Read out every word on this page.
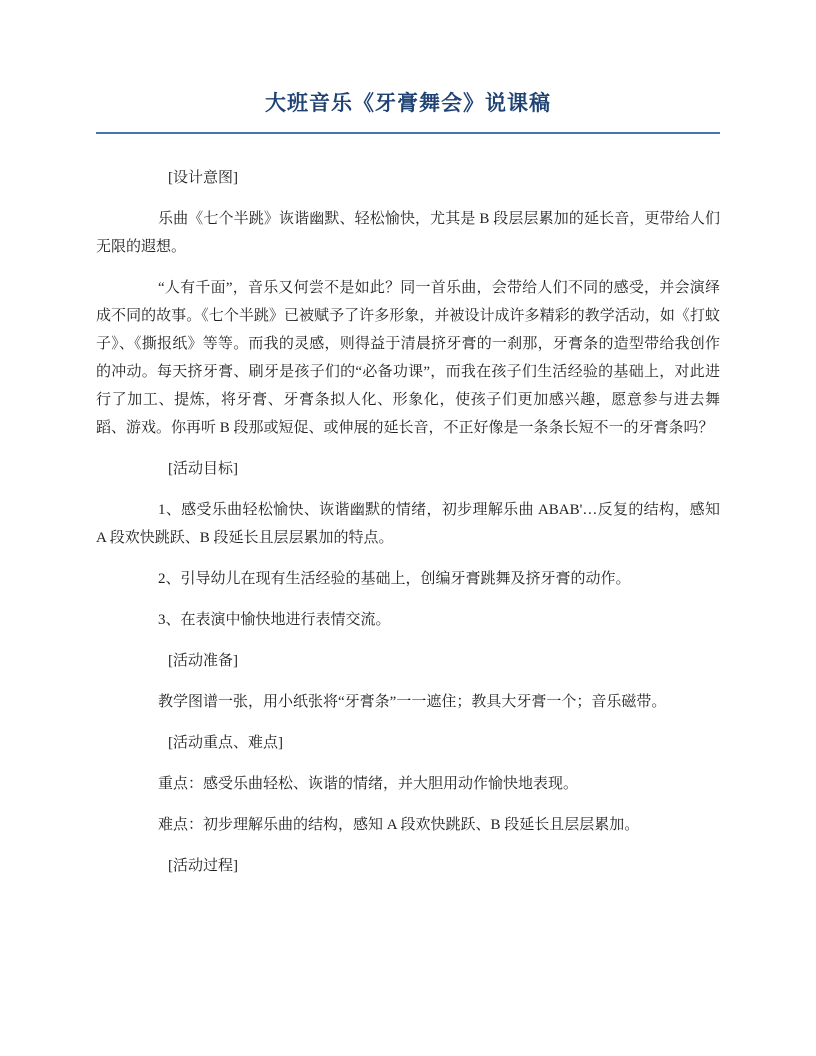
大班音乐《牙膏舞会》说课稿

[设计意图]

乐曲《七个半跳》诙谐幽默、轻松愉快，尤其是 B 段层层累加的延长音，更带给人们无限的遐想。

“人有千面”，音乐又何尝不是如此？同一首乐曲，会带给人们不同的感受，并会演绎成不同的故事。《七个半跳》已被赋予了许多形象，并被设计成许多精彩的教学活动，如《打蚊子》、《撕报纸》等等。而我的灵感，则得益于清晨挤牙膏的一刹那，牙膏条的造型带给我创作的冲动。每天挤牙膏、刷牙是孩子们的“必备功课”，而我在孩子们生活经验的基础上，对此进行了加工、提炼，将牙膏、牙膏条拟人化、形象化，使孩子们更加感兴趣，愿意参与进去舞蹈、游戏。你再听 B 段那或短促、或伸展的延长音，不正好像是一条条长短不一的牙膏条吗？

[活动目标]

1、感受乐曲轻松愉快、诙谐幽默的情绪，初步理解乐曲 ABAB'…反复的结构，感知 A 段欢快跳跃、B 段延长且层层累加的特点。

2、引导幼儿在现有生活经验的基础上，创编牙膏跳舞及挤牙膏的动作。

3、在表演中愉快地进行表情交流。

[活动准备]

教学图谱一张，用小纸张将“牙膏条”一一遮住；教具大牙膏一个；音乐磁带。

[活动重点、难点]

重点：感受乐曲轻松、诙谐的情绪，并大胆用动作愉快地表现。

难点：初步理解乐曲的结构，感知 A 段欢快跳跃、B 段延长且层层累加。

[活动过程]
